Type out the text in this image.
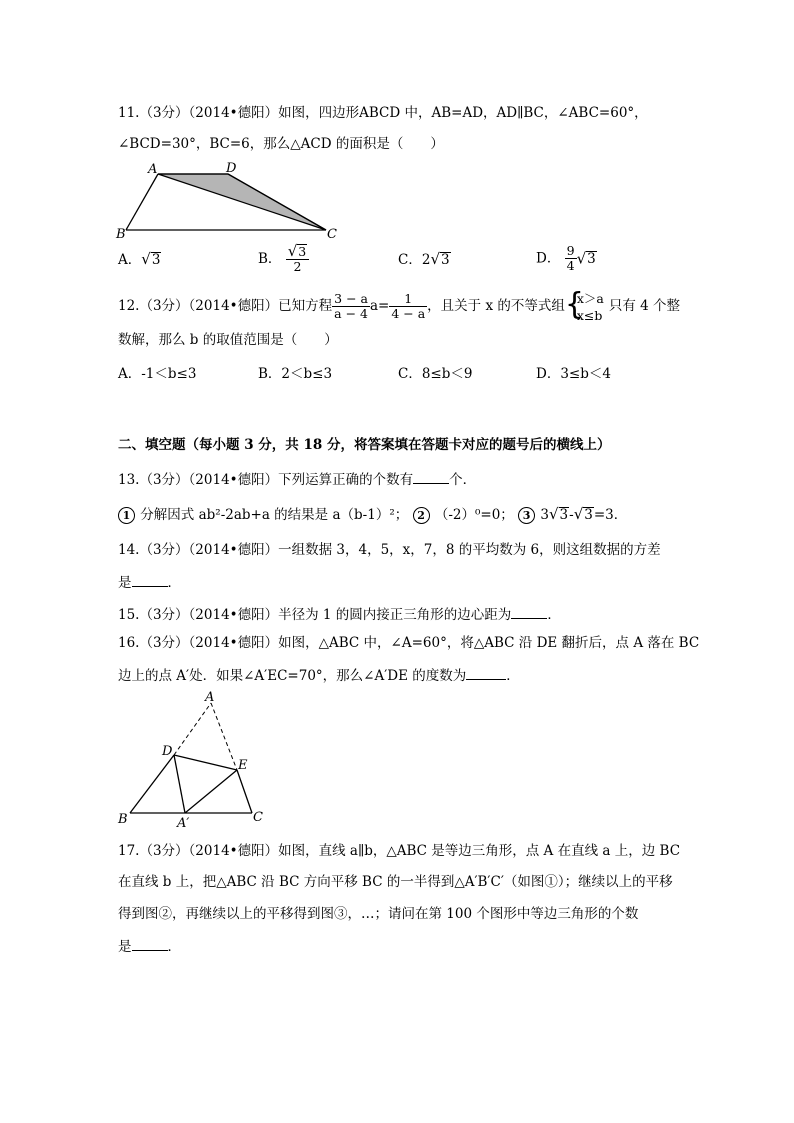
11.（3分）（2014•德阳）如图，四边形ABCD 中，AB=AD，AD∥BC，∠ABC=60°，
∠BCD=30°，BC=6，那么△ACD 的面积是（　　）
A	D
B	C
A．√3	B． $\frac{√3}{2}$	C．2√3	D． $\frac{9}{4} √3$
12.（3分）（2014•德阳）已知方程 $\frac{3 - a}{a - 4} a= \frac{1}{4 - a}$ ，且关于 x 的不等式组 {
x＞a
x≤b
只有 4 个整
数解，那么 b 的取值范围是（　　）
A．-1＜b≤3	B．2＜b≤3	C．8≤b＜9	D．3≤b＜4
二、填空题（每小题 3 分，共 18 分，将答案填在答题卡对应的题号后的横线上）
13.（3分）（2014•德阳）下列运算正确的个数有	个．
1 分解因式 ab²-2ab+a 的结果是 a（b-1）²； 2 （-2）⁰=0； 3 3√3-√3=3．
14.（3分）（2014•德阳）一组数据 3，4，5，x，7，8 的平均数为 6，则这组数据的方差
是	．
15.（3分）（2014•德阳）半径为 1 的圆内接正三角形的边心距为	．
16.（3分）（2014•德阳）如图，△ABC 中，∠A=60°，将△ABC 沿 DE 翻折后，点 A 落在 BC
边上的点 A′处．如果∠A′EC=70°，那么∠A′DE 的度数为	．
A
D
E
B	C
A′
17.（3分）（2014•德阳）如图，直线 a∥b，△ABC 是等边三角形，点 A 在直线 a 上，边 BC
在直线 b 上，把△ABC 沿 BC 方向平移 BC 的一半得到△A′B′C′（如图①）；继续以上的平移
得到图②，再继续以上的平移得到图③，…；请问在第 100 个图形中等边三角形的个数
是	．
